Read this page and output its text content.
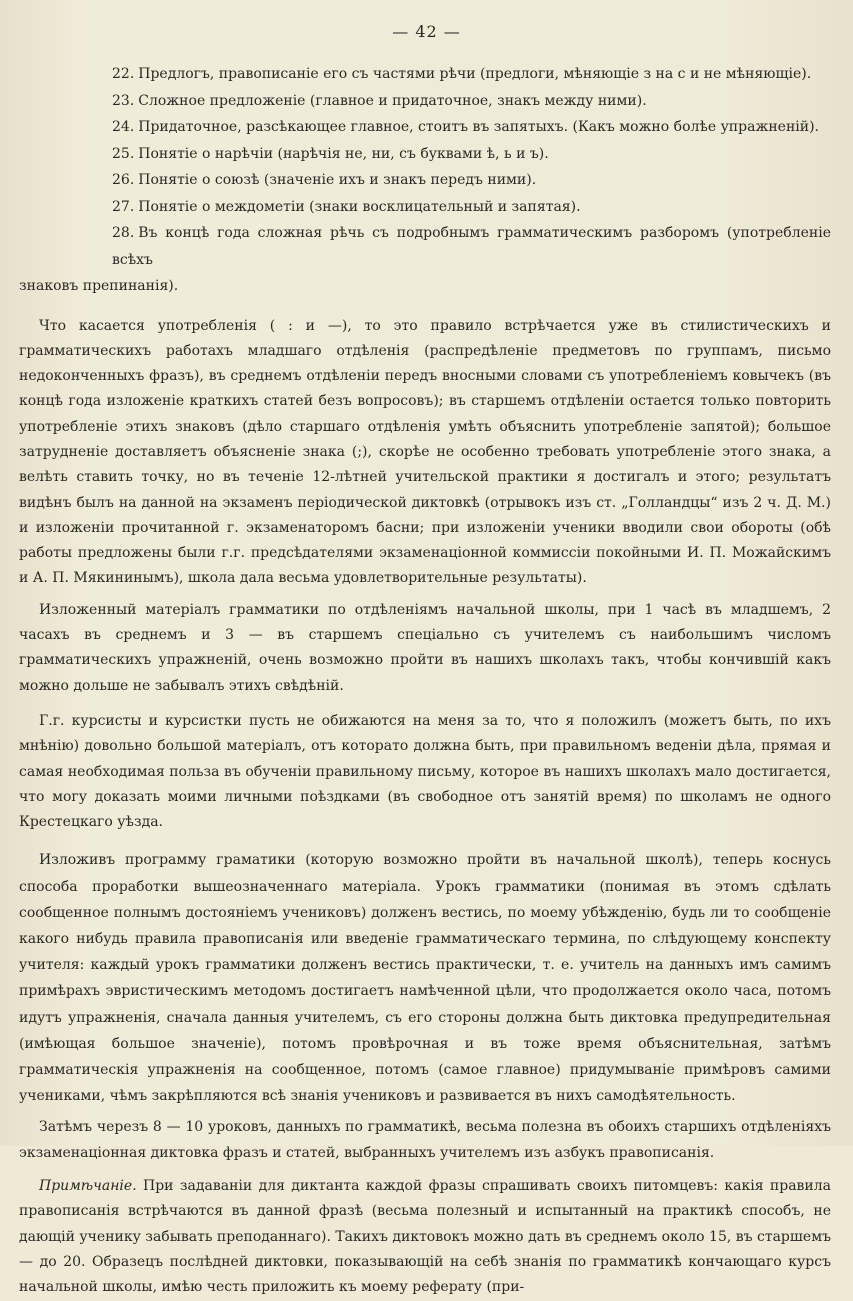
— 42 —
22. Предлогъ, правописаніе его съ частями рѣчи (предлоги, мѣняющіе з на с и не мѣняющіе).
23. Сложное предложеніе (главное и придаточное, знакъ между ними).
24. Придаточное, разсѣкающее главное, стоитъ въ запятыхъ. (Какъ можно болѣе упражненій).
25. Понятіе о нарѣчіи (нарѣчія не, ни, съ буквами ѣ, ь и ъ).
26. Понятіе о союзѣ (значеніе ихъ и знакъ передъ ними).
27. Понятіе о междометіи (знаки восклицательный и запятая).
28. Въ концѣ года сложная рѣчь съ подробнымъ грамматическимъ разборомъ (употребленіе всѣхъ
знаковъ препинанія).

Что касается употребленія ( : и —), то это правило встрѣчается уже въ стилистическихъ и грамматическихъ работахъ младшаго отдѣленія (распредѣленіе предметовъ по группамъ, письмо недоконченныхъ фразъ), въ среднемъ отдѣленіи передъ вносными словами съ употребленіемъ ковычекъ (въ концѣ года изложеніе краткихъ статей безъ вопросовъ); въ старшемъ отдѣленіи остается только повторить употребленіе этихъ знаковъ (дѣло старшаго отдѣленія умѣть объяснить употребленіе запятой); большое затрудненіе доставляетъ объясненіе знака (;), скорѣе не особенно требовать употребленіе этого знака, а велѣть ставить точку, но въ теченіе 12-лѣтней учительской практики я достигалъ и этого; результатъ видѣнъ былъ на данной на экзаменъ періодической диктовкѣ (отрывокъ изъ ст. „Голландцы“ изъ 2 ч. Д. М.) и изложеніи прочитанной г. экзаменаторомъ басни; при изложеніи ученики вводили свои обороты (обѣ работы предложены были г.г. предсѣдателями экзаменаціонной коммиссіи покойными И. П. Можайскимъ и А. П. Мякининымъ), школа дала весьма удовлетворительные результаты).

Изложенный матеріалъ грамматики по отдѣленіямъ начальной школы, при 1 часѣ въ младшемъ, 2 часахъ въ среднемъ и 3 — въ старшемъ спеціально съ учителемъ съ наибольшимъ числомъ грамматическихъ упражненій, очень возможно пройти въ нашихъ школахъ такъ, чтобы кончившій какъ можно дольше не забывалъ этихъ свѣдѣній.

Г.г. курсисты и курсистки пусть не обижаются на меня за то, что я положилъ (можетъ быть, по ихъ мнѣнію) довольно большой матеріалъ, отъ которато должна быть, при правильномъ веденіи дѣла, прямая и самая необходимая польза въ обученіи правильному письму, которое въ нашихъ школахъ мало достигается, что могу доказать моими личными поѣздками (въ свободное отъ занятій время) по школамъ не одного Крестецкаго уѣзда.

Изложивъ программу граматики (которую возможно пройти въ начальной школѣ), теперь коснусь способа проработки вышеозначеннаго матеріала. Урокъ грамматики (понимая въ этомъ сдѣлать сообщенное полнымъ достояніемъ учениковъ) долженъ вестись, по моему убѣжденію, будь ли то сообщеніе какого нибудь правила правописанія или введеніе грамматическаго термина, по слѣдующему конспекту учителя: каждый урокъ грамматики долженъ вестись практически, т. е. учитель на данныхъ имъ самимъ примѣрахъ эвристическимъ методомъ достигаетъ намѣченной цѣли, что продолжается около часа, потомъ идутъ упражненія, сначала данныя учителемъ, съ его стороны должна быть диктовка предупредительная (имѣющая большое значеніе), потомъ провѣрочная и въ тоже время объяснительная, затѣмъ грамматическія упражненія на сообщенное, потомъ (самое главное) придумываніе примѣровъ самими учениками, чѣмъ закрѣпляются всѣ знанія учениковъ и развивается въ нихъ самодѣятельность.

Затѣмъ черезъ 8 — 10 уроковъ, данныхъ по грамматикѣ, весьма полезна въ обоихъ старшихъ отдѣленіяхъ экзаменаціонная диктовка фразъ и статей, выбранныхъ учителемъ изъ азбукъ правописанія.

Примѣчаніе. При задаваніи для диктанта каждой фразы спрашивать своихъ питомцевъ: какія правила правописанія встрѣчаются въ данной фразѣ (весьма полезный и испытанный на практикѣ способъ, не дающій ученику забывать преподаннаго). Такихъ диктовокъ можно дать въ среднемъ около 15, въ старшемъ — до 20. Образецъ послѣдней диктовки, показывающій на себѣ знанія по грамматикѣ кончающаго курсъ начальной школы, имѣю честь приложить къ моему реферату (при-
